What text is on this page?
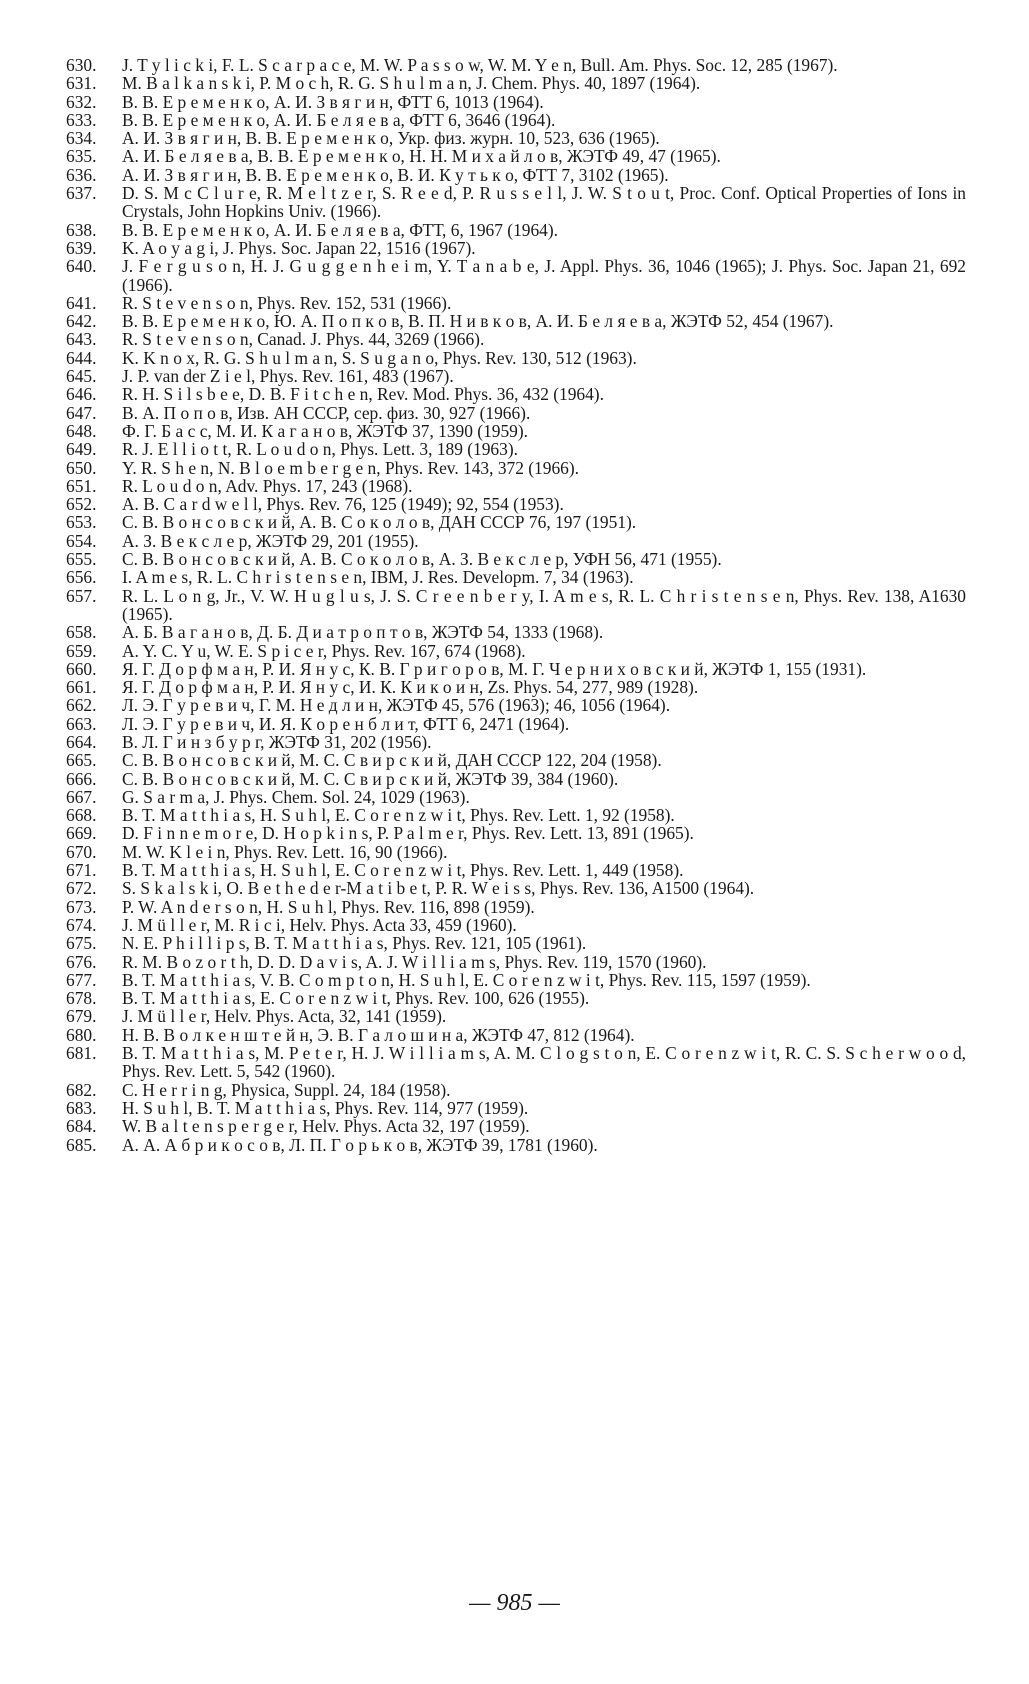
630.	J. T y l i c k i, F. L. S c a r p a c e, M. W. P a s s o w, W. M. Y e n, Bull. Am. Phys. Soc. 12, 285 (1967).
631.	M. B a l k a n s k i, P. M o c h, R. G. S h u l m a n, J. Chem. Phys. 40, 1897 (1964).
632.	В. В. Е р е м е н к о, А. И. З в я г и н, ФТТ 6, 1013 (1964).
633.	В. В. Е р е м е н к о, А. И. Б е л я е в а, ФТТ 6, 3646 (1964).
634.	А. И. З в я г и н, В. В. Е р е м е н к о, Укр. физ. журн. 10, 523, 636 (1965).
635.	А. И. Б е л я е в а, В. В. Е р е м е н к о, Н. Н. М и х а й л о в, ЖЭТФ 49, 47 (1965).
636.	А. И. З в я г и н, В. В. Е р е м е н к о, В. И. К у т ь к о, ФТТ 7, 3102 (1965).
637.	D. S. M c C l u r e, R. M e l t z e r, S. R e e d, P. R u s s e l l, J. W. S t o u t, Proc. Conf. Optical Properties of Ions in Crystals, John Hopkins Univ. (1966).
638.	В. В. Е р е м е н к о, А. И. Б е л я е в а, ФТТ, 6, 1967 (1964).
639.	K. A o y a g i, J. Phys. Soc. Japan 22, 1516 (1967).
640.	J. F e r g u s o n, H. J. G u g g e n h e i m, Y. T a n a b e, J. Appl. Phys. 36, 1046 (1965); J. Phys. Soc. Japan 21, 692 (1966).
641.	R. S t e v e n s o n, Phys. Rev. 152, 531 (1966).
642.	В. В. Е р е м е н к о, Ю. А. П о п к о в, В. П. Н и в к о в, А. И. Б е л я е в а, ЖЭТФ 52, 454 (1967).
643.	R. S t e v e n s o n, Canad. J. Phys. 44, 3269 (1966).
644.	K. K n o x, R. G. S h u l m a n, S. S u g a n o, Phys. Rev. 130, 512 (1963).
645.	J. P. van der Z i e l, Phys. Rev. 161, 483 (1967).
646.	R. H. S i l s b e e, D. B. F i t c h e n, Rev. Mod. Phys. 36, 432 (1964).
647.	В. А. П о п о в, Изв. АН СССР, сер. физ. 30, 927 (1966).
648.	Ф. Г. Б а с с, М. И. К а г а н о в, ЖЭТФ 37, 1390 (1959).
649.	R. J. E l l i o t t, R. L o u d o n, Phys. Lett. 3, 189 (1963).
650.	Y. R. S h e n, N. B l o e m b e r g e n, Phys. Rev. 143, 372 (1966).
651.	R. L o u d o n, Adv. Phys. 17, 243 (1968).
652.	A. B. C a r d w e l l, Phys. Rev. 76, 125 (1949); 92, 554 (1953).
653.	С. В. В о н с о в с к и й, А. В. С о к о л о в, ДАН СССР 76, 197 (1951).
654.	А. З. В е к с л е р, ЖЭТФ 29, 201 (1955).
655.	С. В. В о н с о в с к и й, А. В. С о к о л о в, А. З. В е к с л е р, УФН 56, 471 (1955).
656.	I. A m e s, R. L. C h r i s t e n s e n, IBM, J. Res. Developm. 7, 34 (1963).
657.	R. L. L o n g, Jr., V. W. H u g l u s, J. S. C r e e n b e r y, I. A m e s, R. L. C h r i s t e n s e n, Phys. Rev. 138, A1630 (1965).
658.	А. Б. В а г а н о в, Д. Б. Д и а т р о п т о в, ЖЭТФ 54, 1333 (1968).
659.	A. Y. C. Y u, W. E. S p i c e r, Phys. Rev. 167, 674 (1968).
660.	Я. Г. Д о р ф м а н, Р. И. Я н у с, К. В. Г р и г о р о в, М. Г. Ч е р н и х о в с к и й, ЖЭТФ 1, 155 (1931).
661.	Я. Г. Д о р ф м а н, Р. И. Я н у с, И. К. К и к о и н, Zs. Phys. 54, 277, 989 (1928).
662.	Л. Э. Г у р е в и ч, Г. М. Н е д л и н, ЖЭТФ 45, 576 (1963); 46, 1056 (1964).
663.	Л. Э. Г у р е в и ч, И. Я. К о р е н б л и т, ФТТ 6, 2471 (1964).
664.	В. Л. Г и н з б у р г, ЖЭТФ 31, 202 (1956).
665.	С. В. В о н с о в с к и й, М. С. С в и р с к и й, ДАН СССР 122, 204 (1958).
666.	С. В. В о н с о в с к и й, М. С. С в и р с к и й, ЖЭТФ 39, 384 (1960).
667.	G. S a r m a, J. Phys. Chem. Sol. 24, 1029 (1963).
668.	B. T. M a t t h i a s, H. S u h l, E. C o r e n z w i t, Phys. Rev. Lett. 1, 92 (1958).
669.	D. F i n n e m o r e, D. H o p k i n s, P. P a l m e r, Phys. Rev. Lett. 13, 891 (1965).
670.	M. W. K l e i n, Phys. Rev. Lett. 16, 90 (1966).
671.	B. T. M a t t h i a s, H. S u h l, E. C o r e n z w i t, Phys. Rev. Lett. 1, 449 (1958).
672.	S. S k a l s k i, O. B e t h e d e r-M a t i b e t, P. R. W e i s s, Phys. Rev. 136, A1500 (1964).
673.	P. W. A n d e r s o n, H. S u h l, Phys. Rev. 116, 898 (1959).
674.	J. M ü l l e r, M. R i c i, Helv. Phys. Acta 33, 459 (1960).
675.	N. E. P h i l l i p s, B. T. M a t t h i a s, Phys. Rev. 121, 105 (1961).
676.	R. M. B o z o r t h, D. D. D a v i s, A. J. W i l l i a m s, Phys. Rev. 119, 1570 (1960).
677.	B. T. M a t t h i a s, V. B. C o m p t o n, H. S u h l, E. C o r e n z w i t, Phys. Rev. 115, 1597 (1959).
678.	B. T. M a t t h i a s, E. C o r e n z w i t, Phys. Rev. 100, 626 (1955).
679.	J. M ü l l e r, Helv. Phys. Acta, 32, 141 (1959).
680.	Н. В. В о л к е н ш т е й н, Э. В. Г а л о ш и н а, ЖЭТФ 47, 812 (1964).
681.	B. T. M a t t h i a s, M. P e t e r, H. J. W i l l i a m s, A. M. C l o g s t o n, E. C o r e n z w i t, R. C. S. S c h e r w o o d, Phys. Rev. Lett. 5, 542 (1960).
682.	C. H e r r i n g, Physica, Suppl. 24, 184 (1958).
683.	H. S u h l, B. T. M a t t h i a s, Phys. Rev. 114, 977 (1959).
684.	W. B a l t e n s p e r g e r, Helv. Phys. Acta 32, 197 (1959).
685.	А. А. А б р и к о с о в, Л. П. Г о р ь к о в, ЖЭТФ 39, 1781 (1960).
— 985 —
